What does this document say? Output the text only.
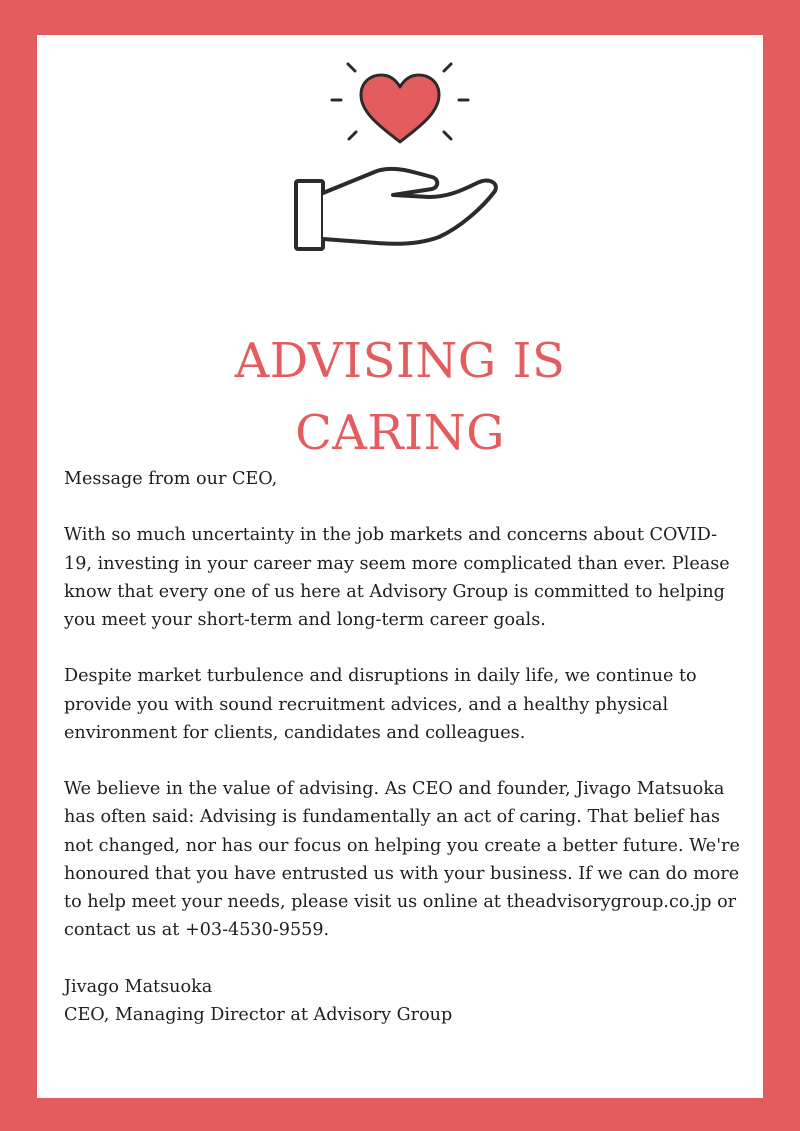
ADVISING IS
CARING

Message from our CEO,

With so much uncertainty in the job markets and concerns about COVID-19, investing in your career may seem more complicated than ever. Please know that every one of us here at Advisory Group is committed to helping you meet your short-term and long-term career goals.

Despite market turbulence and disruptions in daily life, we continue to provide you with sound recruitment advices, and a healthy physical environment for clients, candidates and colleagues.

We believe in the value of advising. As CEO and founder, Jivago Matsuoka has often said: Advising is fundamentally an act of caring. That belief has not changed, nor has our focus on helping you create a better future. We're honoured that you have entrusted us with your business. If we can do more to help meet your needs, please visit us online at theadvisorygroup.co.jp or contact us at +03-4530-9559.

Jivago Matsuoka

CEO, Managing Director at Advisory Group
